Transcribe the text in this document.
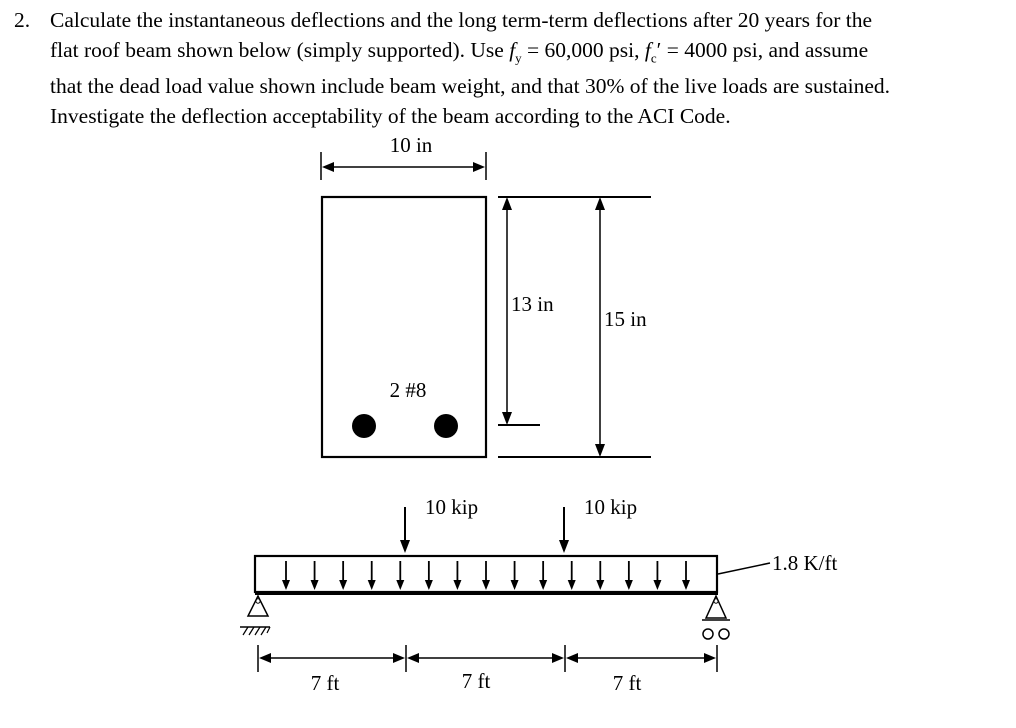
2. Calculate the instantaneous deflections and the long term-term deflections after 20 years for the
flat roof beam shown below (simply supported). Use $f_y = 60,000$ psi, $f_c' = 4000$ psi, and assume
that the dead load value shown include beam weight, and that 30% of the live loads are sustained.
Investigate the deflection acceptability of the beam according to the ACI Code.
10 in
2 #8
13 in
15 in
10 kip	10 kip
1.8 K/ft
7 ft	7 ft	7 ft
